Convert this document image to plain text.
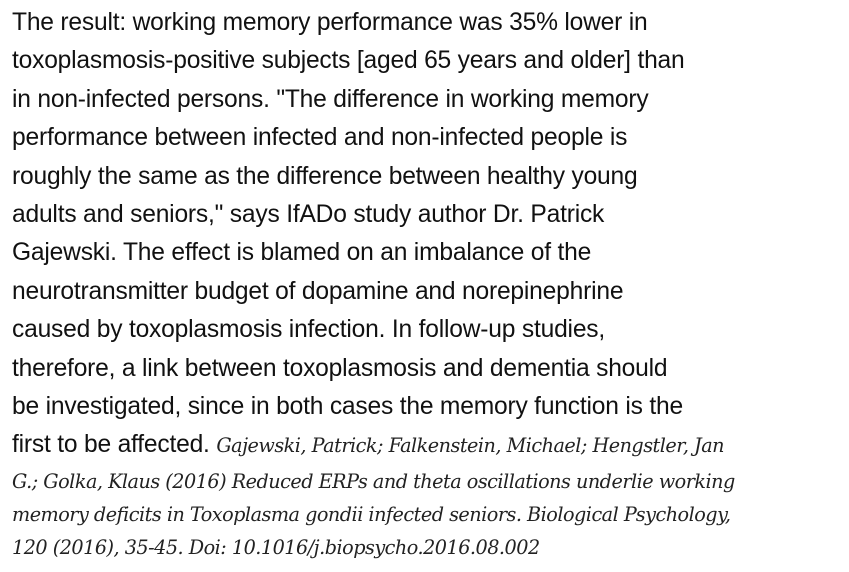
The result: working memory performance was 35% lower in
toxoplasmosis-positive subjects [aged 65 years and older] than
in non-infected persons. "The difference in working memory
performance between infected and non-infected people is
roughly the same as the difference between healthy young
adults and seniors," says IfADo study author Dr. Patrick
Gajewski. The effect is blamed on an imbalance of the
neurotransmitter budget of dopamine and norepinephrine
caused by toxoplasmosis infection. In follow-up studies,
therefore, a link between toxoplasmosis and dementia should
be investigated, since in both cases the memory function is the
first to be affected. Gajewski, Patrick; Falkenstein, Michael; Hengstler, Jan
G.; Golka, Klaus (2016) Reduced ERPs and theta oscillations underlie working
memory deficits in Toxoplasma gondii infected seniors. Biological Psychology,
120 (2016), 35-45. Doi: 10.1016/j.biopsycho.2016.08.002
